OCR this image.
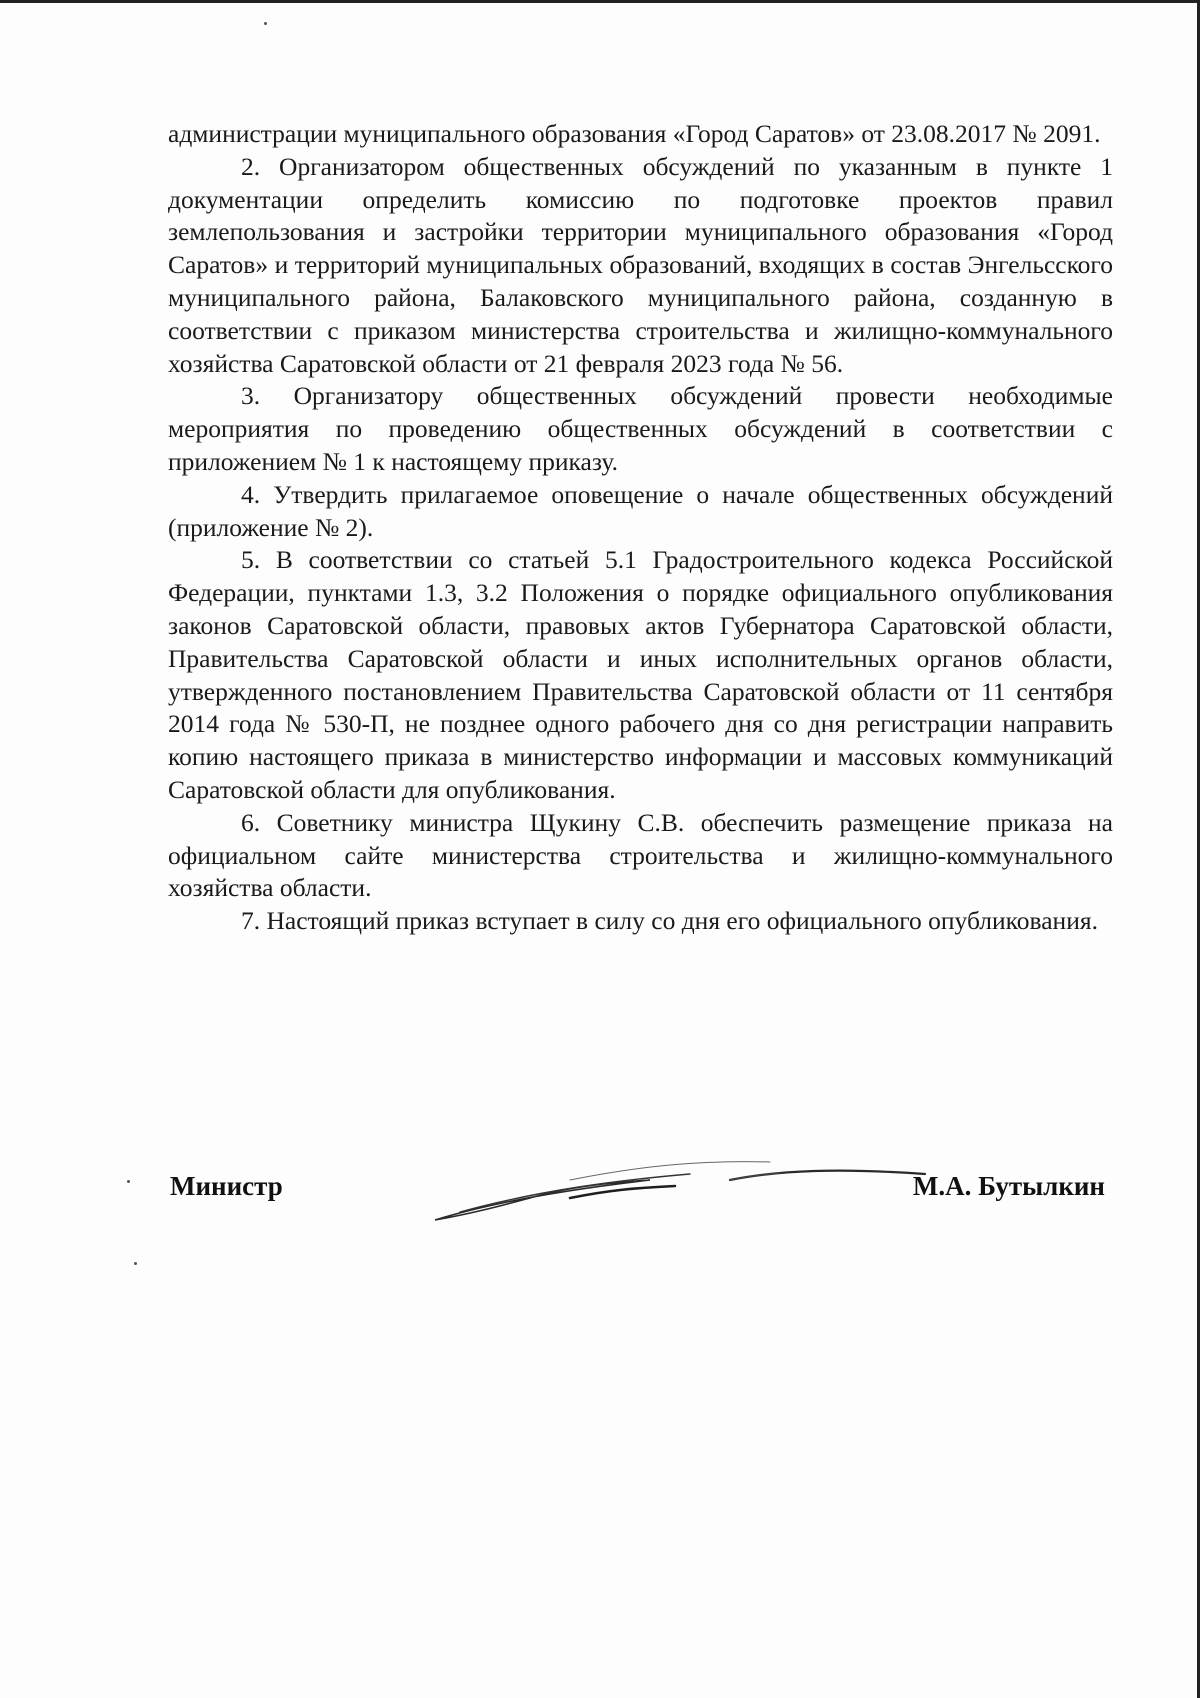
администрации муниципального образования «Город Саратов» от 23.08.2017 № 2091.

2. Организатором общественных обсуждений по указанным в пункте 1 документации определить комиссию по подготовке проектов правил землепользования и застройки территории муниципального образования «Город Саратов» и территорий муниципальных образований, входящих в состав Энгельсского муниципального района, Балаковского муниципального района, созданную в соответствии с приказом министерства строительства и жилищно-коммунального хозяйства Саратовской области от 21 февраля 2023 года № 56.

3. Организатору общественных обсуждений провести необходимые мероприятия по проведению общественных обсуждений в соответствии с приложением № 1 к настоящему приказу.

4. Утвердить прилагаемое оповещение о начале общественных обсуждений (приложение № 2).

5. В соответствии со статьей 5.1 Градостроительного кодекса Российской Федерации, пунктами 1.3, 3.2 Положения о порядке официального опубликования законов Саратовской области, правовых актов Губернатора Саратовской области, Правительства Саратовской области и иных исполнительных органов области, утвержденного постановлением Правительства Саратовской области от 11 сентября 2014 года № 530-П, не позднее одного рабочего дня со дня регистрации направить копию настоящего приказа в министерство информации и массовых коммуникаций Саратовской области для опубликования.

6. Советнику министра Щукину С.В. обеспечить размещение приказа на официальном сайте министерства строительства и жилищно-коммунального хозяйства области.

7. Настоящий приказ вступает в силу со дня его официального опубликования.

Министр	М.А. Бутылкин
